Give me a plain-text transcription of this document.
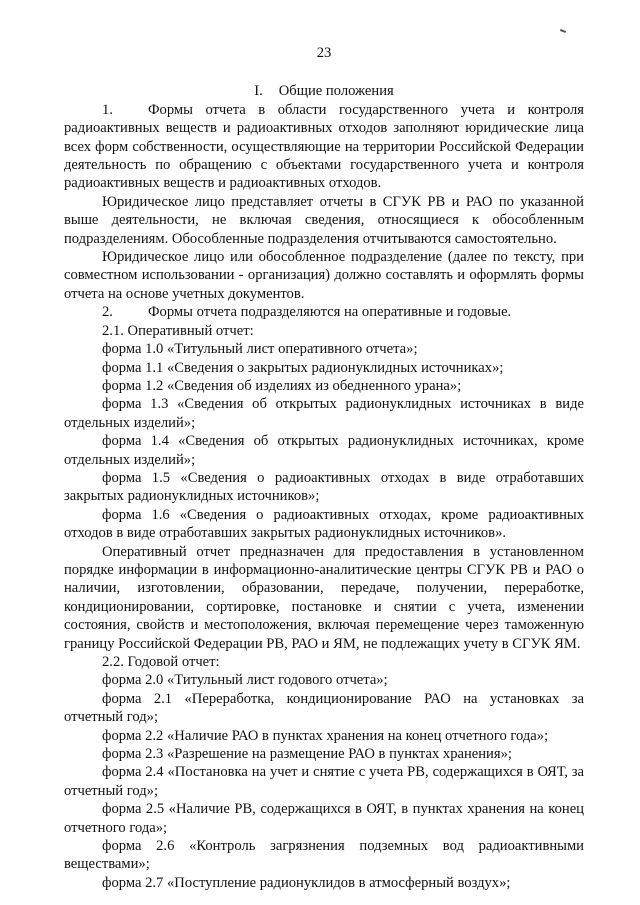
23
I. Общие положения

1. Формы отчета в области государственного учета и контроля радиоактивных веществ и радиоактивных отходов заполняют юридические лица всех форм собственности, осуществляющие на территории Российской Федерации деятельность по обращению с объектами государственного учета и контроля радиоактивных веществ и радиоактивных отходов.

Юридическое лицо представляет отчеты в СГУК РВ и РАО по указанной выше деятельности, не включая сведения, относящиеся к обособленным подразделениям. Обособленные подразделения отчитываются самостоятельно.

Юридическое лицо или обособленное подразделение (далее по тексту, при совместном использовании - организация) должно составлять и оформлять формы отчета на основе учетных документов.

2. Формы отчета подразделяются на оперативные и годовые.

2.1. Оперативный отчет:

форма 1.0 «Титульный лист оперативного отчета»;

форма 1.1 «Сведения о закрытых радионуклидных источниках»;

форма 1.2 «Сведения об изделиях из обедненного урана»;

форма 1.3 «Сведения об открытых радионуклидных источниках в виде отдельных изделий»;

форма 1.4 «Сведения об открытых радионуклидных источниках, кроме отдельных изделий»;

форма 1.5 «Сведения о радиоактивных отходах в виде отработавших закрытых радионуклидных источников»;

форма 1.6 «Сведения о радиоактивных отходах, кроме радиоактивных отходов в виде отработавших закрытых радионуклидных источников».

Оперативный отчет предназначен для предоставления в установленном порядке информации в информационно-аналитические центры СГУК РВ и РАО о наличии, изготовлении, образовании, передаче, получении, переработке, кондиционировании, сортировке, постановке и снятии с учета, изменении состояния, свойств и местоположения, включая перемещение через таможенную границу Российской Федерации РВ, РАО и ЯМ, не подлежащих учету в СГУК ЯМ.

2.2. Годовой отчет:

форма 2.0 «Титульный лист годового отчета»;

форма 2.1 «Переработка, кондиционирование РАО на установках за отчетный год»;

форма 2.2 «Наличие РАО в пунктах хранения на конец отчетного года»;

форма 2.3 «Разрешение на размещение РАО в пунктах хранения»;

форма 2.4 «Постановка на учет и снятие с учета РВ, содержащихся в ОЯТ, за отчетный год»;

форма 2.5 «Наличие РВ, содержащихся в ОЯТ, в пунктах хранения на конец отчетного года»;

форма 2.6 «Контроль загрязнения подземных вод радиоактивными веществами»;

форма 2.7 «Поступление радионуклидов в атмосферный воздух»;
